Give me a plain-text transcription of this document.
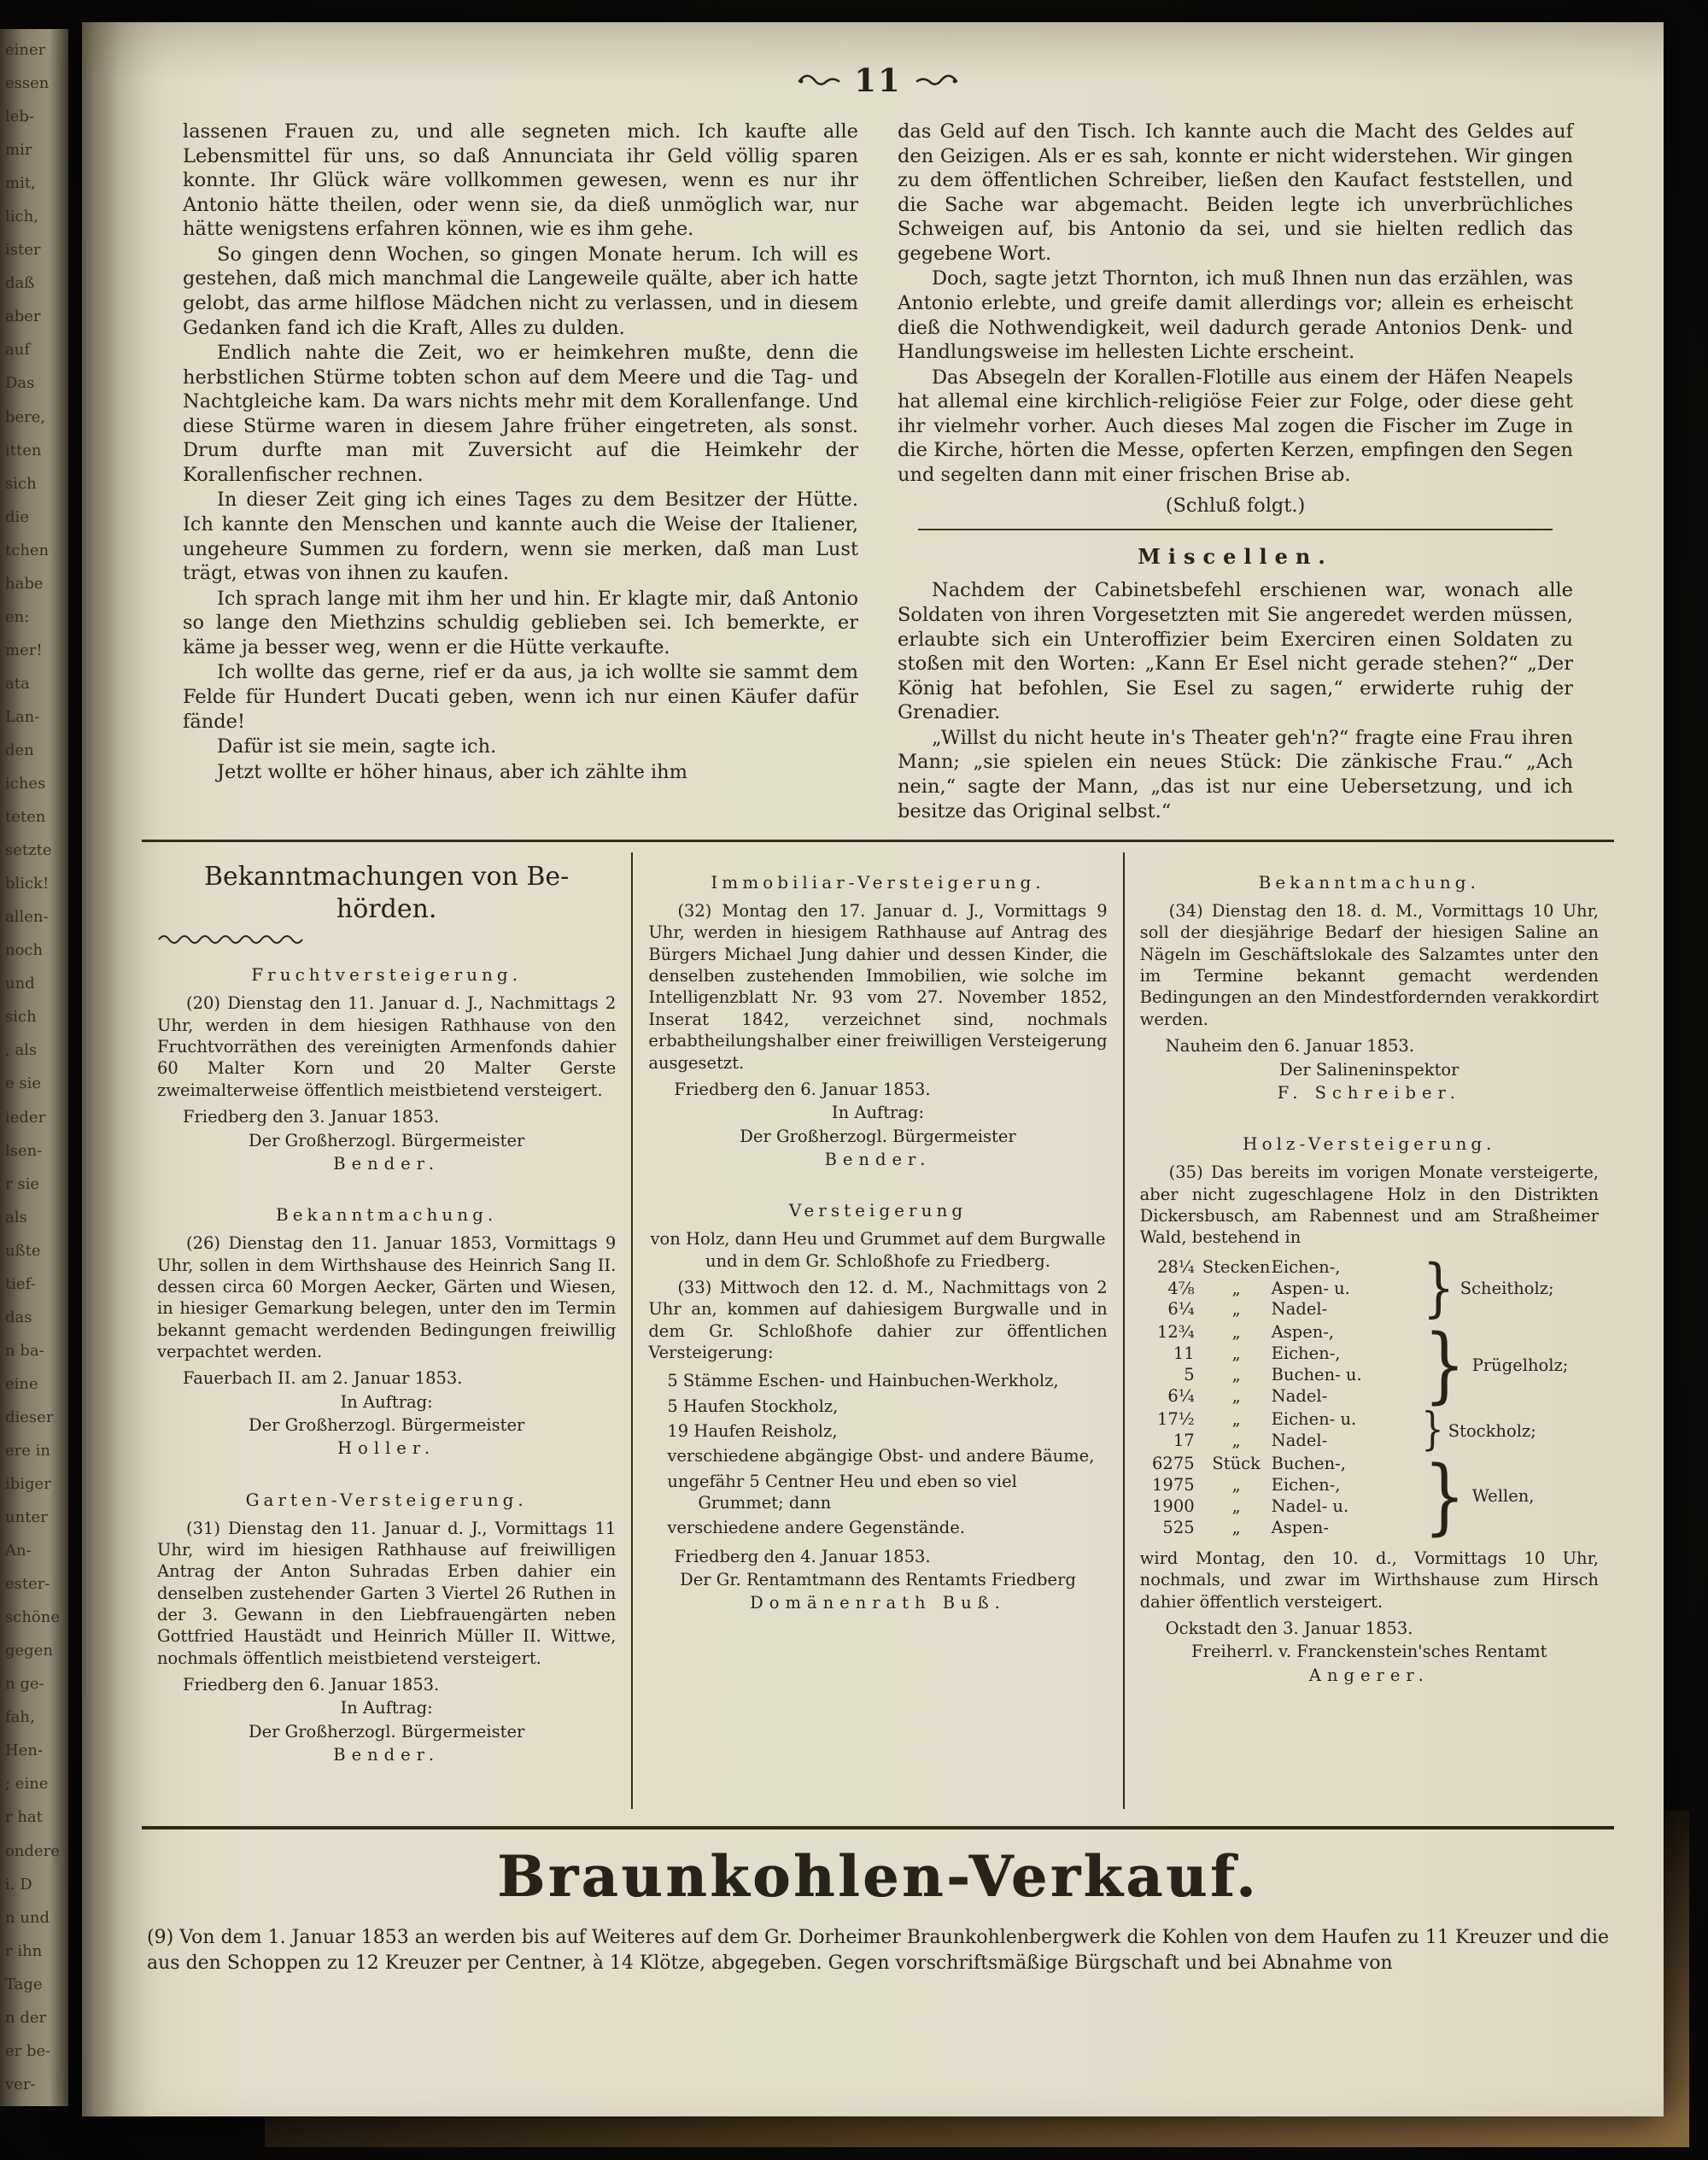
einer
essen
leb-
mir
mit,
lich,
ister
daß
aber
auf
Das
bere,
itten
sich
die
tchen
habe
en:
mer!
ata
Lan-
den
iches
teten
setzte
blick!
allen-
noch
und
sich
, als
e sie
ieder
lsen-
r sie
als
ußte
tief-
das
n ba-
eine
dieser
ere in
ibiger
unter
An-
ester-
schöne
gegen
n ge-
fah,
Hen-
; eine
r hat
ondere
i. D
n und
r ihn
Tage
n der
er be-
ver-
11
lassenen Frauen zu, und alle segneten mich. Ich kaufte alle Lebensmittel für uns, so daß Annunciata ihr Geld völlig sparen konnte. Ihr Glück wäre vollkommen gewesen, wenn es nur ihr Antonio hätte theilen, oder wenn sie, da dieß unmöglich war, nur hätte wenigstens erfahren können, wie es ihm gehe.
So gingen denn Wochen, so gingen Monate herum. Ich will es gestehen, daß mich manchmal die Langeweile quälte, aber ich hatte gelobt, das arme hilflose Mädchen nicht zu verlassen, und in diesem Gedanken fand ich die Kraft, Alles zu dulden.
Endlich nahte die Zeit, wo er heimkehren mußte, denn die herbstlichen Stürme tobten schon auf dem Meere und die Tag- und Nachtgleiche kam. Da wars nichts mehr mit dem Korallenfange. Und diese Stürme waren in diesem Jahre früher eingetreten, als sonst. Drum durfte man mit Zuversicht auf die Heimkehr der Korallenfischer rechnen.
In dieser Zeit ging ich eines Tages zu dem Besitzer der Hütte. Ich kannte den Menschen und kannte auch die Weise der Italiener, ungeheure Summen zu fordern, wenn sie merken, daß man Lust trägt, etwas von ihnen zu kaufen.
Ich sprach lange mit ihm her und hin. Er klagte mir, daß Antonio so lange den Miethzins schuldig geblieben sei. Ich bemerkte, er käme ja besser weg, wenn er die Hütte verkaufte.
Ich wollte das gerne, rief er da aus, ja ich wollte sie sammt dem Felde für Hundert Ducati geben, wenn ich nur einen Käufer dafür fände!
Dafür ist sie mein, sagte ich.
Jetzt wollte er höher hinaus, aber ich zählte ihm
das Geld auf den Tisch. Ich kannte auch die Macht des Geldes auf den Geizigen. Als er es sah, konnte er nicht widerstehen. Wir gingen zu dem öffentlichen Schreiber, ließen den Kaufact feststellen, und die Sache war abgemacht. Beiden legte ich unverbrüchliches Schweigen auf, bis Antonio da sei, und sie hielten redlich das gegebene Wort.
Doch, sagte jetzt Thornton, ich muß Ihnen nun das erzählen, was Antonio erlebte, und greife damit allerdings vor; allein es erheischt dieß die Nothwendigkeit, weil dadurch gerade Antonios Denk- und Handlungsweise im hellesten Lichte erscheint.
Das Absegeln der Korallen-Flotille aus einem der Häfen Neapels hat allemal eine kirchlich-religiöse Feier zur Folge, oder diese geht ihr vielmehr vorher. Auch dieses Mal zogen die Fischer im Zuge in die Kirche, hörten die Messe, opferten Kerzen, empfingen den Segen und segelten dann mit einer frischen Brise ab.
(Schluß folgt.)
Miscellen.
Nachdem der Cabinetsbefehl erschienen war, wonach alle Soldaten von ihren Vorgesetzten mit Sie angeredet werden müssen, erlaubte sich ein Unteroffizier beim Exerciren einen Soldaten zu stoßen mit den Worten: „Kann Er Esel nicht gerade stehen?“ „Der König hat befohlen, Sie Esel zu sagen,“ erwiderte ruhig der Grenadier.
„Willst du nicht heute in's Theater geh'n?“ fragte eine Frau ihren Mann; „sie spielen ein neues Stück: Die zänkische Frau.“ „Ach nein,“ sagte der Mann, „das ist nur eine Uebersetzung, und ich besitze das Original selbst.“
Bekanntmachungen von Be-
hörden.
Fruchtversteigerung.

(20) Dienstag den 11. Januar d. J., Nachmittags 2 Uhr, werden in dem hiesigen Rathhause von den Fruchtvorräthen des vereinigten Armenfonds dahier 60 Malter Korn und 20 Malter Gerste zweimalterweise öffentlich meistbietend versteigert.

Friedberg den 3. Januar 1853.
Der Großherzogl. Bürgermeister
Bender.
Bekanntmachung.

(26) Dienstag den 11. Januar 1853, Vormittags 9 Uhr, sollen in dem Wirthshause des Heinrich Sang II. dessen circa 60 Morgen Aecker, Gärten und Wiesen, in hiesiger Gemarkung belegen, unter den im Termin bekannt gemacht werdenden Bedingungen freiwillig verpachtet werden.

Fauerbach II. am 2. Januar 1853.
In Auftrag:
Der Großherzogl. Bürgermeister
Holler.
Garten-Versteigerung.

(31) Dienstag den 11. Januar d. J., Vormittags 11 Uhr, wird im hiesigen Rathhause auf freiwilligen Antrag der Anton Suhradas Erben dahier ein denselben zustehender Garten 3 Viertel 26 Ruthen in der 3. Gewann in den Liebfrauengärten neben Gottfried Haustädt und Heinrich Müller II. Wittwe, nochmals öffentlich meistbietend versteigert.

Friedberg den 6. Januar 1853.
In Auftrag:
Der Großherzogl. Bürgermeister
Bender.
Immobiliar-Versteigerung.

(32) Montag den 17. Januar d. J., Vormittags 9 Uhr, werden in hiesigem Rathhause auf Antrag des Bürgers Michael Jung dahier und dessen Kinder, die denselben zustehenden Immobilien, wie solche im Intelligenzblatt Nr. 93 vom 27. November 1852, Inserat 1842, verzeichnet sind, nochmals erbabtheilungshalber einer freiwilligen Versteigerung ausgesetzt.

Friedberg den 6. Januar 1853.
In Auftrag:
Der Großherzogl. Bürgermeister
Bender.
Versteigerung

von Holz, dann Heu und Grummet auf dem Burgwalle und in dem Gr. Schloßhofe zu Friedberg.

(33) Mittwoch den 12. d. M., Nachmittags von 2 Uhr an, kommen auf dahiesigem Burgwalle und in dem Gr. Schloßhofe dahier zur öffentlichen Versteigerung:

5 Stämme Eschen- und Hainbuchen-Werkholz,
5 Haufen Stockholz,
19 Haufen Reisholz,
verschiedene abgängige Obst- und andere Bäume,
ungefähr 5 Centner Heu und eben so viel Grummet; dann
verschiedene andere Gegenstände.
Friedberg den 4. Januar 1853.
Der Gr. Rentamtmann des Rentamts Friedberg
Domänenrath Buß.
Bekanntmachung.

(34) Dienstag den 18. d. M., Vormittags 10 Uhr, soll der diesjährige Bedarf der hiesigen Saline an Nägeln im Geschäftslokale des Salzamtes unter den im Termine bekannt gemacht werdenden Bedingungen an den Mindestfordernden verakkordirt werden.

Nauheim den 6. Januar 1853.
Der Salineninspektor
F. Schreiber.
Holz-Versteigerung.

(35) Das bereits im vorigen Monate versteigerte, aber nicht zugeschlagene Holz in den Distrikten Dickersbusch, am Rabennest und am Straßheimer Wald, bestehend in

28¼ Stecken Eichen-,
4⅞	„	Aspen- u.
6¼	„	Nadel-	} Scheitholz;
12¾	„	Aspen-,
11	„	Eichen-,
5	„	Buchen- u.
6¼	„	Nadel-	} Prügelholz;
17½	„	Eichen- u.
17	„	Nadel-	} Stockholz;
6275	Stück Buchen-,
1975	„	Eichen-,
1900	„	Nadel- u.
525	„	Aspen-	} Wellen,

wird Montag, den 10. d., Vormittags 10 Uhr, nochmals, und zwar im Wirthshause zum Hirsch dahier öffentlich versteigert.

Ockstadt den 3. Januar 1853.
Freiherrl. v. Franckenstein'sches Rentamt
Angerer.
Braunkohlen-Verkauf.

(9) Von dem 1. Januar 1853 an werden bis auf Weiteres auf dem Gr. Dorheimer Braunkohlenbergwerk die Kohlen von dem Haufen zu 11 Kreuzer und die aus den Schoppen zu 12 Kreuzer per Centner, à 14 Klötze, abgegeben. Gegen vorschriftsmäßige Bürgschaft und bei Abnahme von
